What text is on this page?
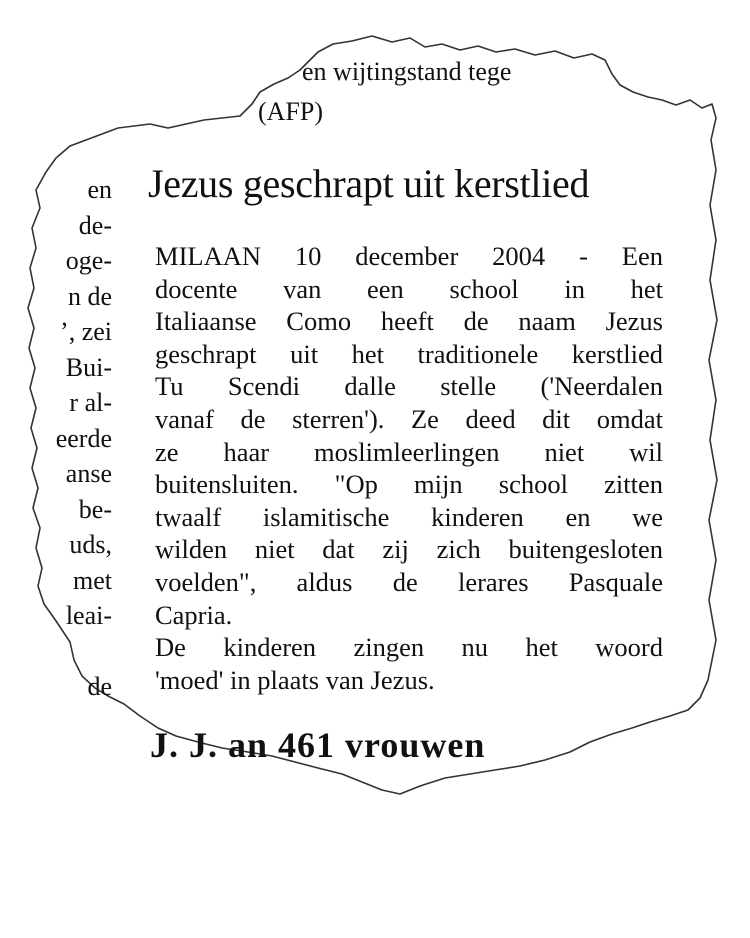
en wijtingstand tege
(AFP)
en
de-
oge-
n de
’, zei
Bui-
r al-
eerde
anse
be-
uds,
met
leai-

de
Jezus geschrapt uit kerstlied
MILAAN 10 december 2004 - Een
docente van een school in het
Italiaanse Como heeft de naam Jezus
geschrapt uit het traditionele kerstlied
Tu Scendi dalle stelle ('Neerdalen
vanaf de sterren'). Ze deed dit omdat
ze haar moslimleerlingen niet wil
buitensluiten. "Op mijn school zitten
twaalf islamitische kinderen en we
wilden niet dat zij zich buitengesloten
voelden", aldus de lerares Pasquale
Capria.
De kinderen zingen nu het woord
'moed' in plaats van Jezus.
J. J. an 461 vrouwen
